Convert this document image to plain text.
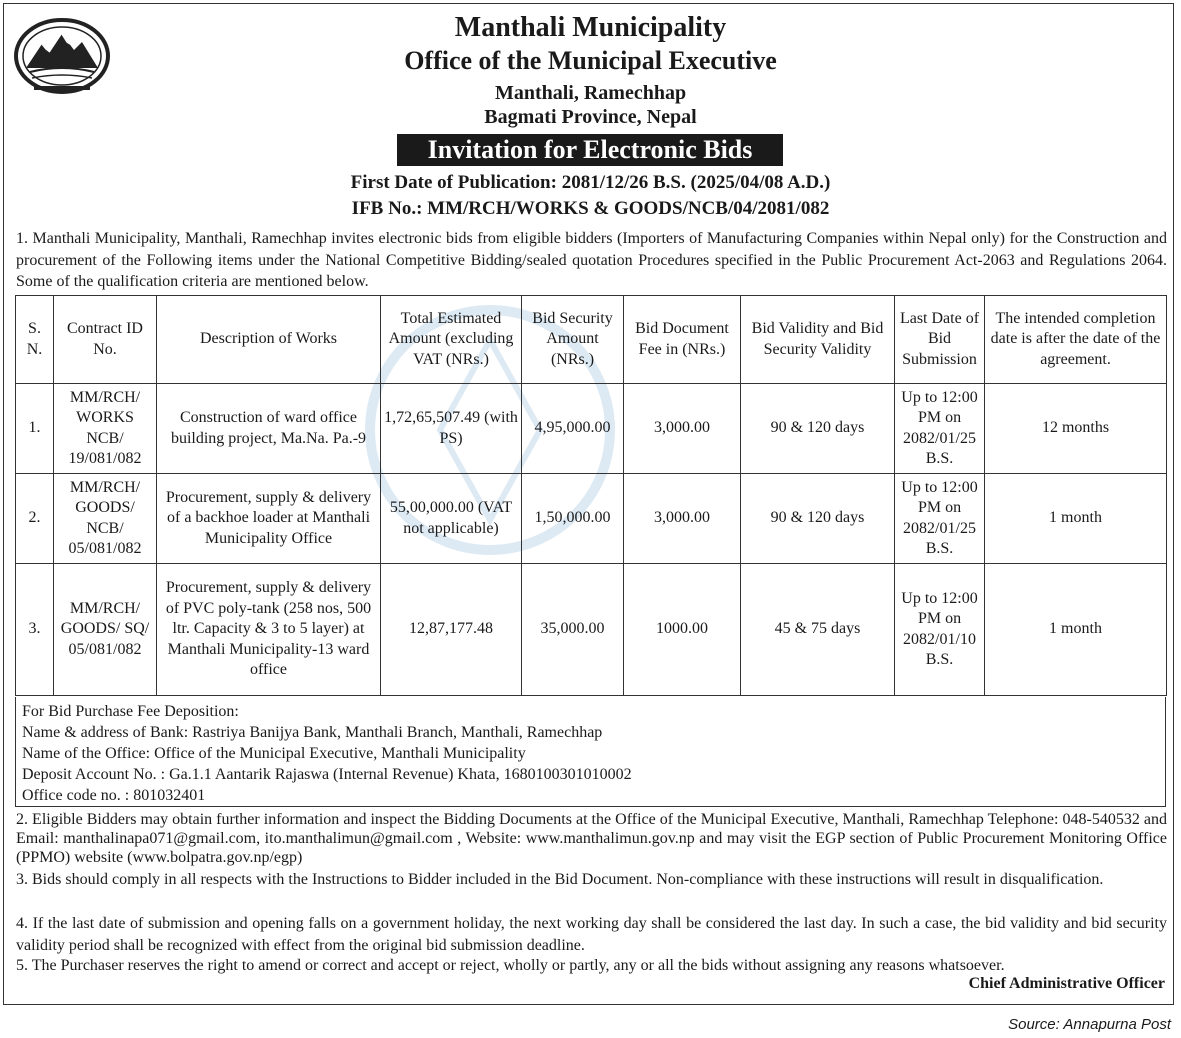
Manthali Municipality
Office of the Municipal Executive
Manthali, Ramechhap
Bagmati Province, Nepal
Invitation for Electronic Bids
First Date of Publication: 2081/12/26 B.S. (2025/04/08 A.D.)
IFB No.: MM/RCH/WORKS & GOODS/NCB/04/2081/082
1. Manthali Municipality, Manthali, Ramechhap invites electronic bids from eligible bidders (Importers of Manufacturing Companies within Nepal only) for the Construction and procurement of the Following items under the National Competitive Bidding/sealed quotation Procedures specified in the Public Procurement Act-2063 and Regulations 2064. Some of the qualification criteria are mentioned below.
S. N.	Contract ID No.	Description of Works	Total Estimated Amount (excluding VAT (NRs.)	Bid Security Amount (NRs.)	Bid Document Fee in (NRs.)	Bid Validity and Bid Security Validity	Last Date of Bid Submission	The intended completion date is after the date of the agreement.
1.	MM/RCH/ WORKS NCB/ 19/081/082	Construction of ward office building project, Ma.Na. Pa.-9	1,72,65,507.49 (with PS)	4,95,000.00	3,000.00	90 & 120 days	Up to 12:00 PM on 2082/01/25 B.S.	12 months
2.	MM/RCH/ GOODS/ NCB/ 05/081/082	Procurement, supply & delivery of a backhoe loader at Manthali Municipality Office	55,00,000.00 (VAT not applicable)	1,50,000.00	3,000.00	90 & 120 days	Up to 12:00 PM on 2082/01/25 B.S.	1 month
3.	MM/RCH/ GOODS/ SQ/ 05/081/082	Procurement, supply & delivery of PVC poly-tank (258 nos, 500 ltr. Capacity & 3 to 5 layer) at Manthali Municipality-13 ward office	12,87,177.48	35,000.00	1000.00	45 & 75 days	Up to 12:00 PM on 2082/01/10 B.S.	1 month
For Bid Purchase Fee Deposition:
Name & address of Bank: Rastriya Banijya Bank, Manthali Branch, Manthali, Ramechhap
Name of the Office: Office of the Municipal Executive, Manthali Municipality
Deposit Account No. : Ga.1.1 Aantarik Rajaswa (Internal Revenue) Khata, 1680100301010002
Office code no. : 801032401
2. Eligible Bidders may obtain further information and inspect the Bidding Documents at the Office of the Municipal Executive, Manthali, Ramechhap Telephone: 048-540532 and Email: manthalinapa071@gmail.com, ito.manthalimun@gmail.com , Website: www.manthalimun.gov.np and may visit the EGP section of Public Procurement Monitoring Office (PPMO) website (www.bolpatra.gov.np/egp)
3. Bids should comply in all respects with the Instructions to Bidder included in the Bid Document. Non-compliance with these instructions will result in disqualification.
4. If the last date of submission and opening falls on a government holiday, the next working day shall be considered the last day. In such a case, the bid validity and bid security validity period shall be recognized with effect from the original bid submission deadline.
5. The Purchaser reserves the right to amend or correct and accept or reject, wholly or partly, any or all the bids without assigning any reasons whatsoever.
Chief Administrative Officer
Source: Annapurna Post
